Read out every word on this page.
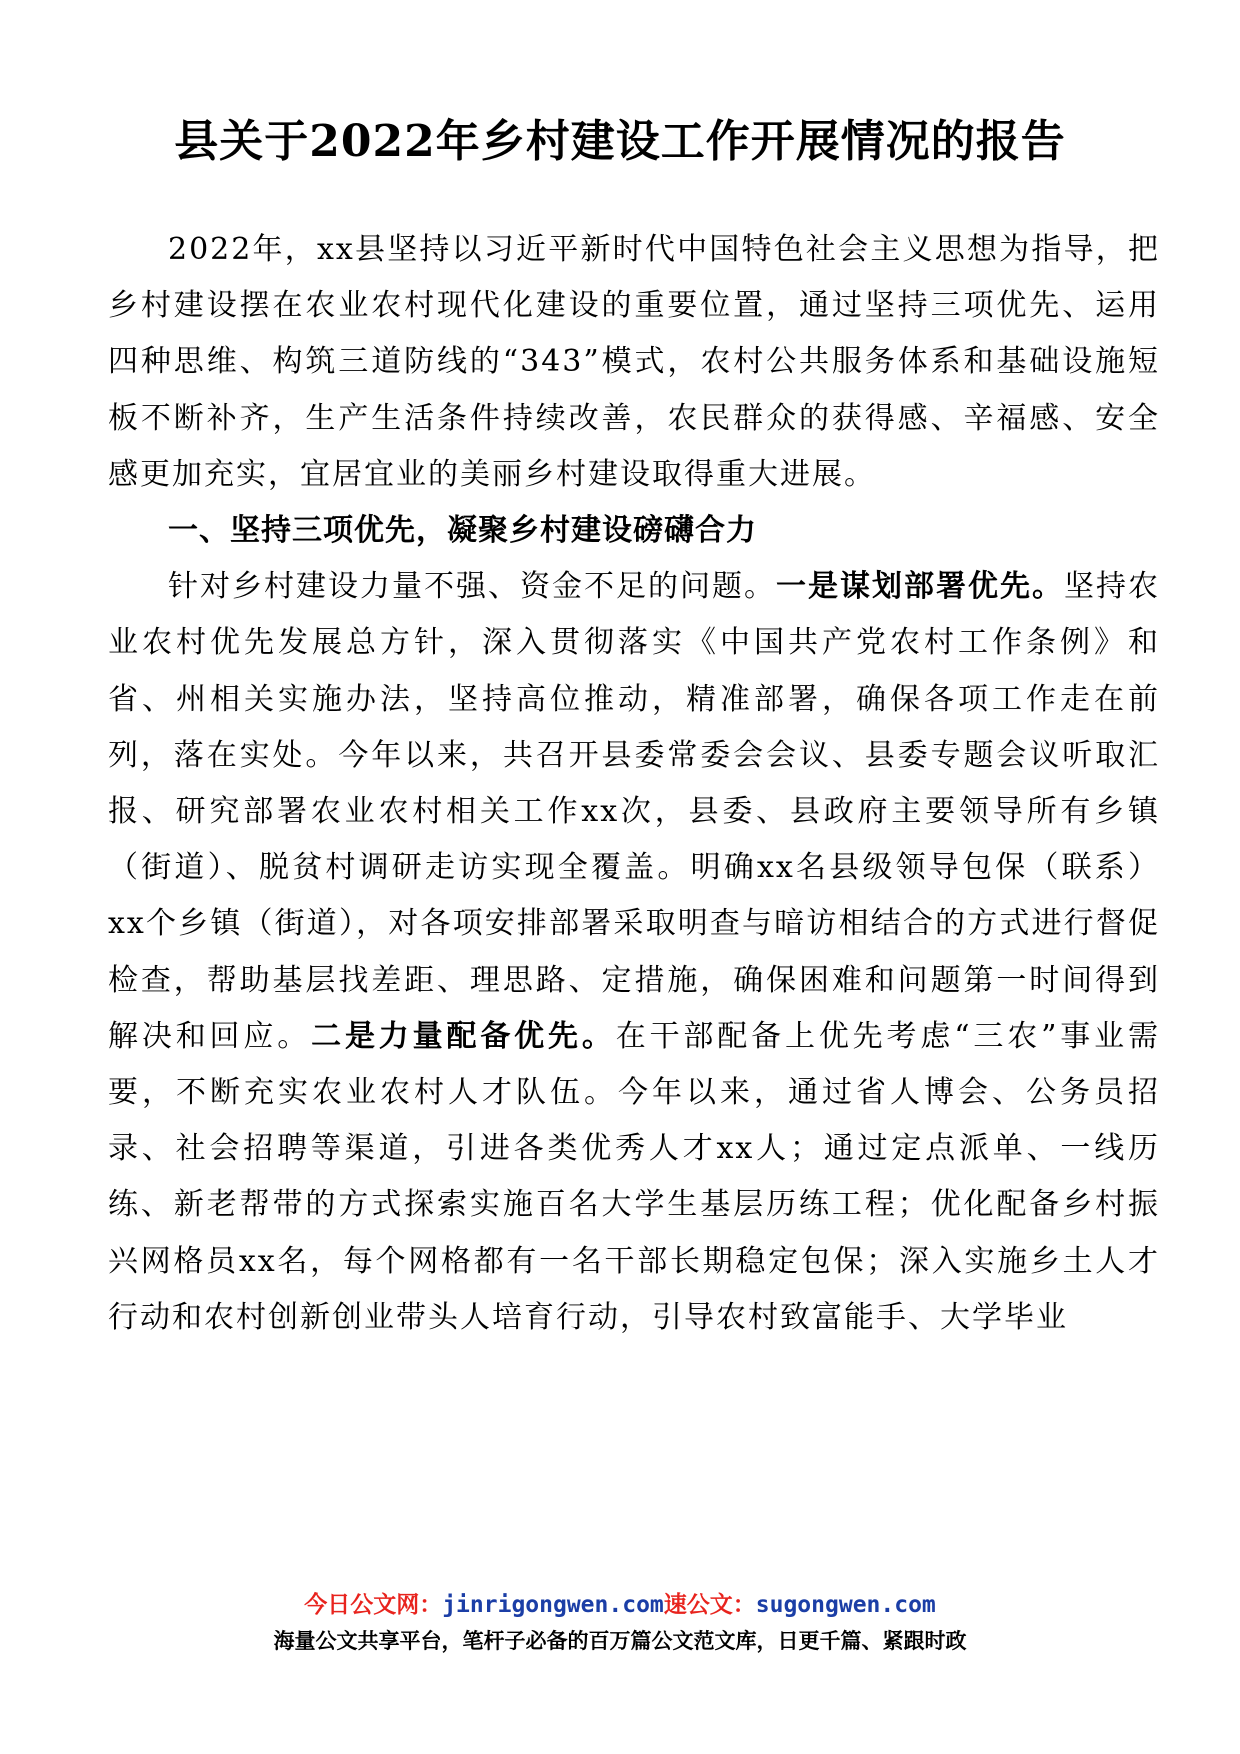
县关于2022年乡村建设工作开展情况的报告

2022年，xx县坚持以习近平新时代中国特色社会主义思想为指导，把乡村建设摆在农业农村现代化建设的重要位置，通过坚持三项优先、运用四种思维、构筑三道防线的“343”模式，农村公共服务体系和基础设施短板不断补齐，生产生活条件持续改善，农民群众的获得感、辛福感、安全感更加充实，宜居宜业的美丽乡村建设取得重大进展。

一、坚持三项优先，凝聚乡村建设磅礴合力

针对乡村建设力量不强、资金不足的问题。一是谋划部署优先。坚持农业农村优先发展总方针，深入贯彻落实《中国共产党农村工作条例》和省、州相关实施办法，坚持高位推动，精准部署，确保各项工作走在前列，落在实处。今年以来，共召开县委常委会会议、县委专题会议听取汇报、研究部署农业农村相关工作xx次，县委、县政府主要领导所有乡镇（街道）、脱贫村调研走访实现全覆盖。明确xx名县级领导包保（联系）xx个乡镇（街道），对各项安排部署采取明查与暗访相结合的方式进行督促检查，帮助基层找差距、理思路、定措施，确保困难和问题第一时间得到解决和回应。二是力量配备优先。在干部配备上优先考虑“三农”事业需要，不断充实农业农村人才队伍。今年以来，通过省人博会、公务员招录、社会招聘等渠道，引进各类优秀人才xx人；通过定点派单、一线历练、新老帮带的方式探索实施百名大学生基层历练工程；优化配备乡村振兴网格员xx名，每个网格都有一名干部长期稳定包保；深入实施乡土人才行动和农村创新创业带头人培育行动，引导农村致富能手、大学毕业

今日公文网：jinrigongwen.com速公文：sugongwen.com
海量公文共享平台，笔杆子必备的百万篇公文范文库，日更千篇、紧跟时政
